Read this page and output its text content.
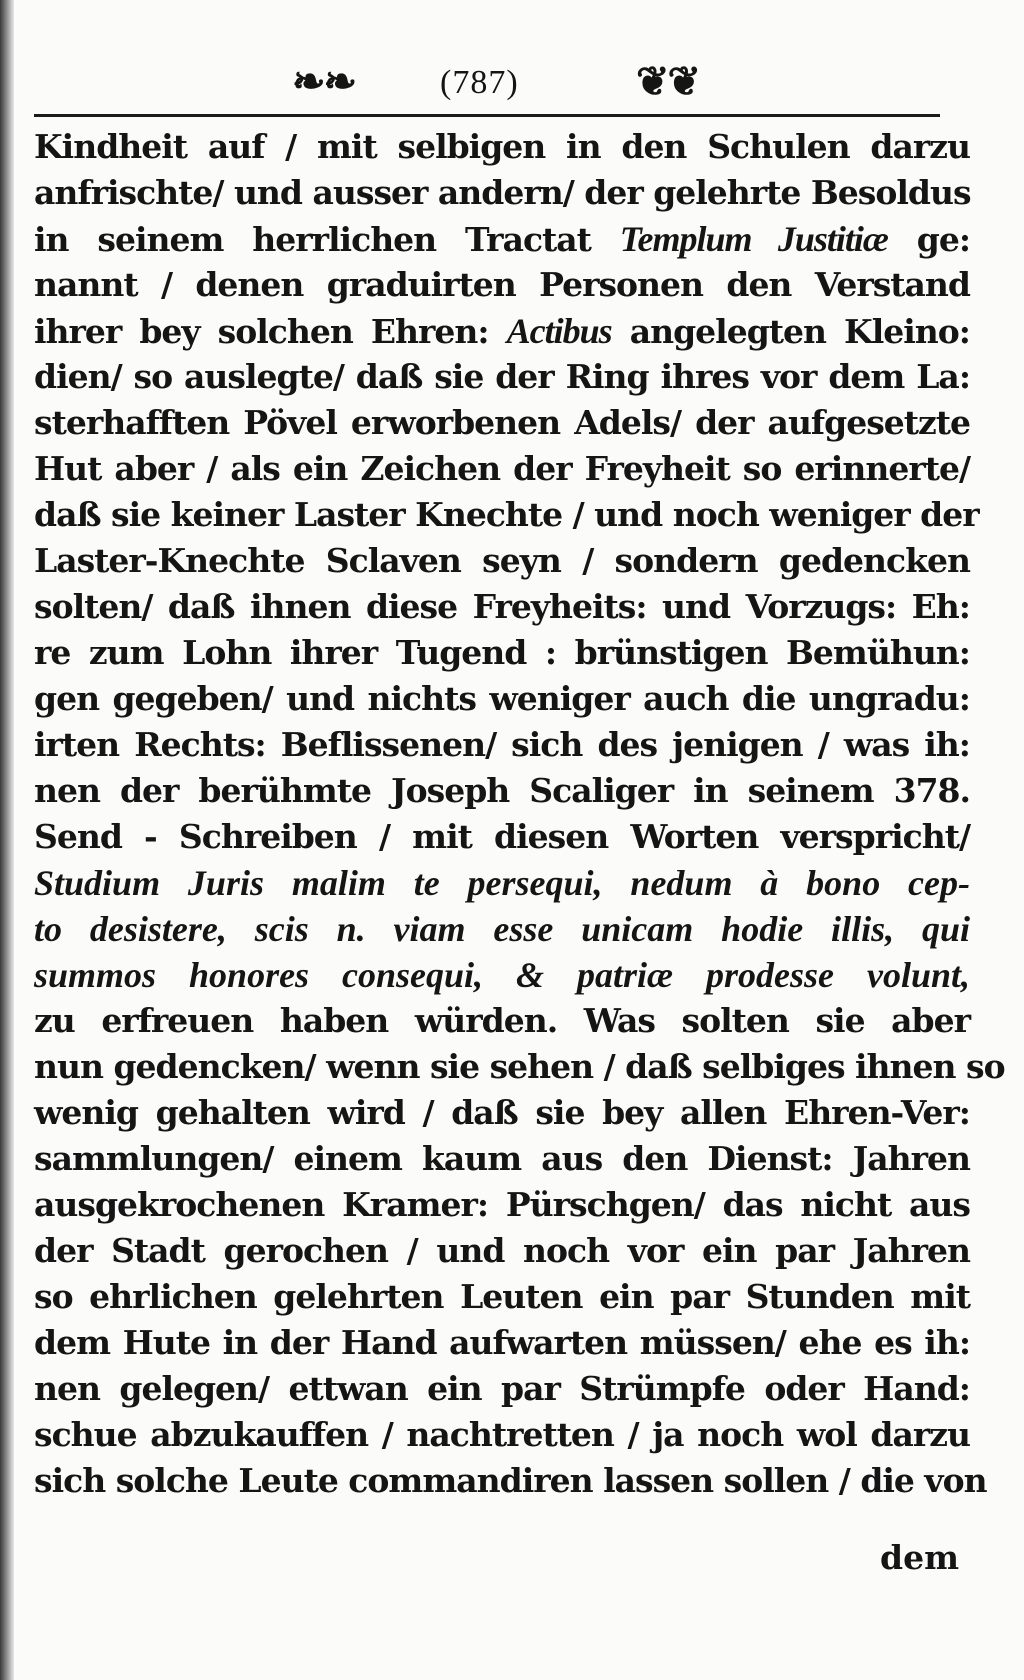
❧❧ (787)	❦❦
Kindheit auf / mit selbigen in den Schulen darzu
anfrischte/ und ausser andern/ der gelehrte Besoldus
in seinem herrlichen Tractat Templum Justitiæ ge:
nannt / denen graduirten Personen den Verstand
ihrer bey solchen Ehren: Actibus angelegten Kleino:
dien/ so auslegte/ daß sie der Ring ihres vor dem La:
sterhafften Pövel erworbenen Adels/ der aufgesetzte
Hut aber / als ein Zeichen der Freyheit so erinnerte/
daß sie keiner Laster Knechte / und noch weniger der
Laster-Knechte Sclaven seyn / sondern gedencken
solten/ daß ihnen diese Freyheits: und Vorzugs: Eh:
re zum Lohn ihrer Tugend : brünstigen Bemühun:
gen gegeben/ und nichts weniger auch die ungradu:
irten Rechts: Beflissenen/ sich des jenigen / was ih:
nen der berühmte Joseph Scaliger in seinem 378.
Send - Schreiben / mit diesen Worten verspricht/
Studium Juris malim te persequi, nedum à bono cep-
to desistere, scis n. viam esse unicam hodie illis, qui
summos honores consequi, & patriæ prodesse volunt,
zu erfreuen haben würden. Was solten sie aber
nun gedencken/ wenn sie sehen / daß selbiges ihnen so
wenig gehalten wird / daß sie bey allen Ehren-Ver:
sammlungen/ einem kaum aus den Dienst: Jahren
ausgekrochenen Kramer: Pürschgen/ das nicht aus
der Stadt gerochen / und noch vor ein par Jahren
so ehrlichen gelehrten Leuten ein par Stunden mit
dem Hute in der Hand aufwarten müssen/ ehe es ih:
nen gelegen/ ettwan ein par Strümpfe oder Hand:
schue abzukauffen / nachtretten / ja noch wol darzu
sich solche Leute commandiren lassen sollen / die von
dem
